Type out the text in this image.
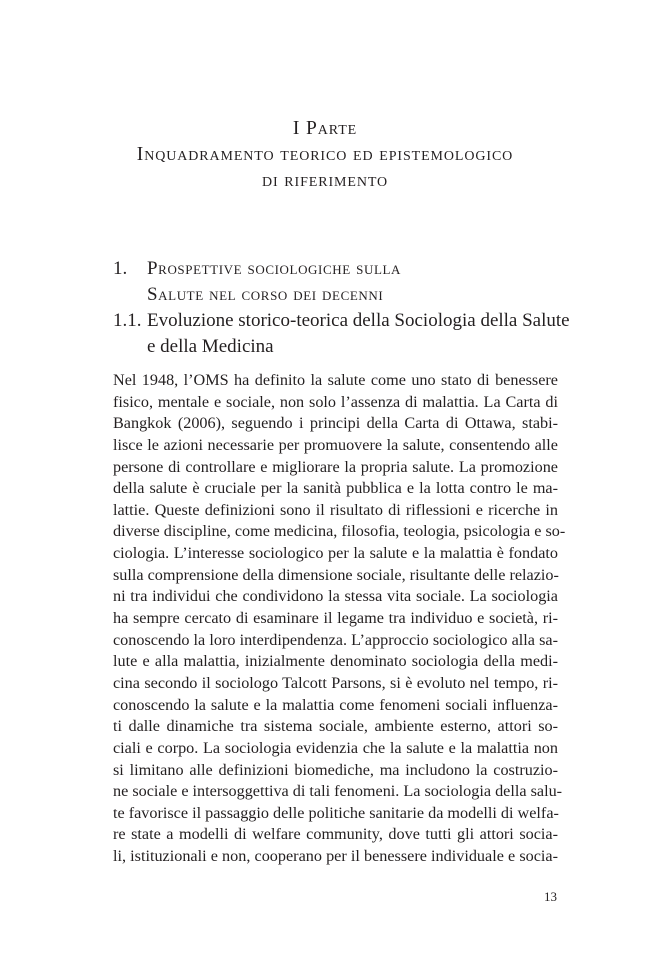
I Parte
Inquadramento teorico ed epistemologico
di riferimento
1.	Prospettive sociologiche sulla
Salute nel corso dei decenni
1.1. Evoluzione storico-teorica della Sociologia della Salute
e della Medicina
Nel 1948, l’OMS ha definito la salute come uno stato di benessere
fisico, mentale e sociale, non solo l’assenza di malattia. La Carta di
Bangkok (2006), seguendo i principi della Carta di Ottawa, stabi-
lisce le azioni necessarie per promuovere la salute, consentendo alle
persone di controllare e migliorare la propria salute. La promozione
della salute è cruciale per la sanità pubblica e la lotta contro le ma-
lattie. Queste definizioni sono il risultato di riflessioni e ricerche in
diverse discipline, come medicina, filosofia, teologia, psicologia e so-
ciologia. L’interesse sociologico per la salute e la malattia è fondato
sulla comprensione della dimensione sociale, risultante delle relazio-
ni tra individui che condividono la stessa vita sociale. La sociologia
ha sempre cercato di esaminare il legame tra individuo e società, ri-
conoscendo la loro interdipendenza. L’approccio sociologico alla sa-
lute e alla malattia, inizialmente denominato sociologia della medi-
cina secondo il sociologo Talcott Parsons, si è evoluto nel tempo, ri-
conoscendo la salute e la malattia come fenomeni sociali influenza-
ti dalle dinamiche tra sistema sociale, ambiente esterno, attori so-
ciali e corpo. La sociologia evidenzia che la salute e la malattia non
si limitano alle definizioni biomediche, ma includono la costruzio-
ne sociale e intersoggettiva di tali fenomeni. La sociologia della salu-
te favorisce il passaggio delle politiche sanitarie da modelli di welfa-
re state a modelli di welfare community, dove tutti gli attori socia-
li, istituzionali e non, cooperano per il benessere individuale e socia-
13
